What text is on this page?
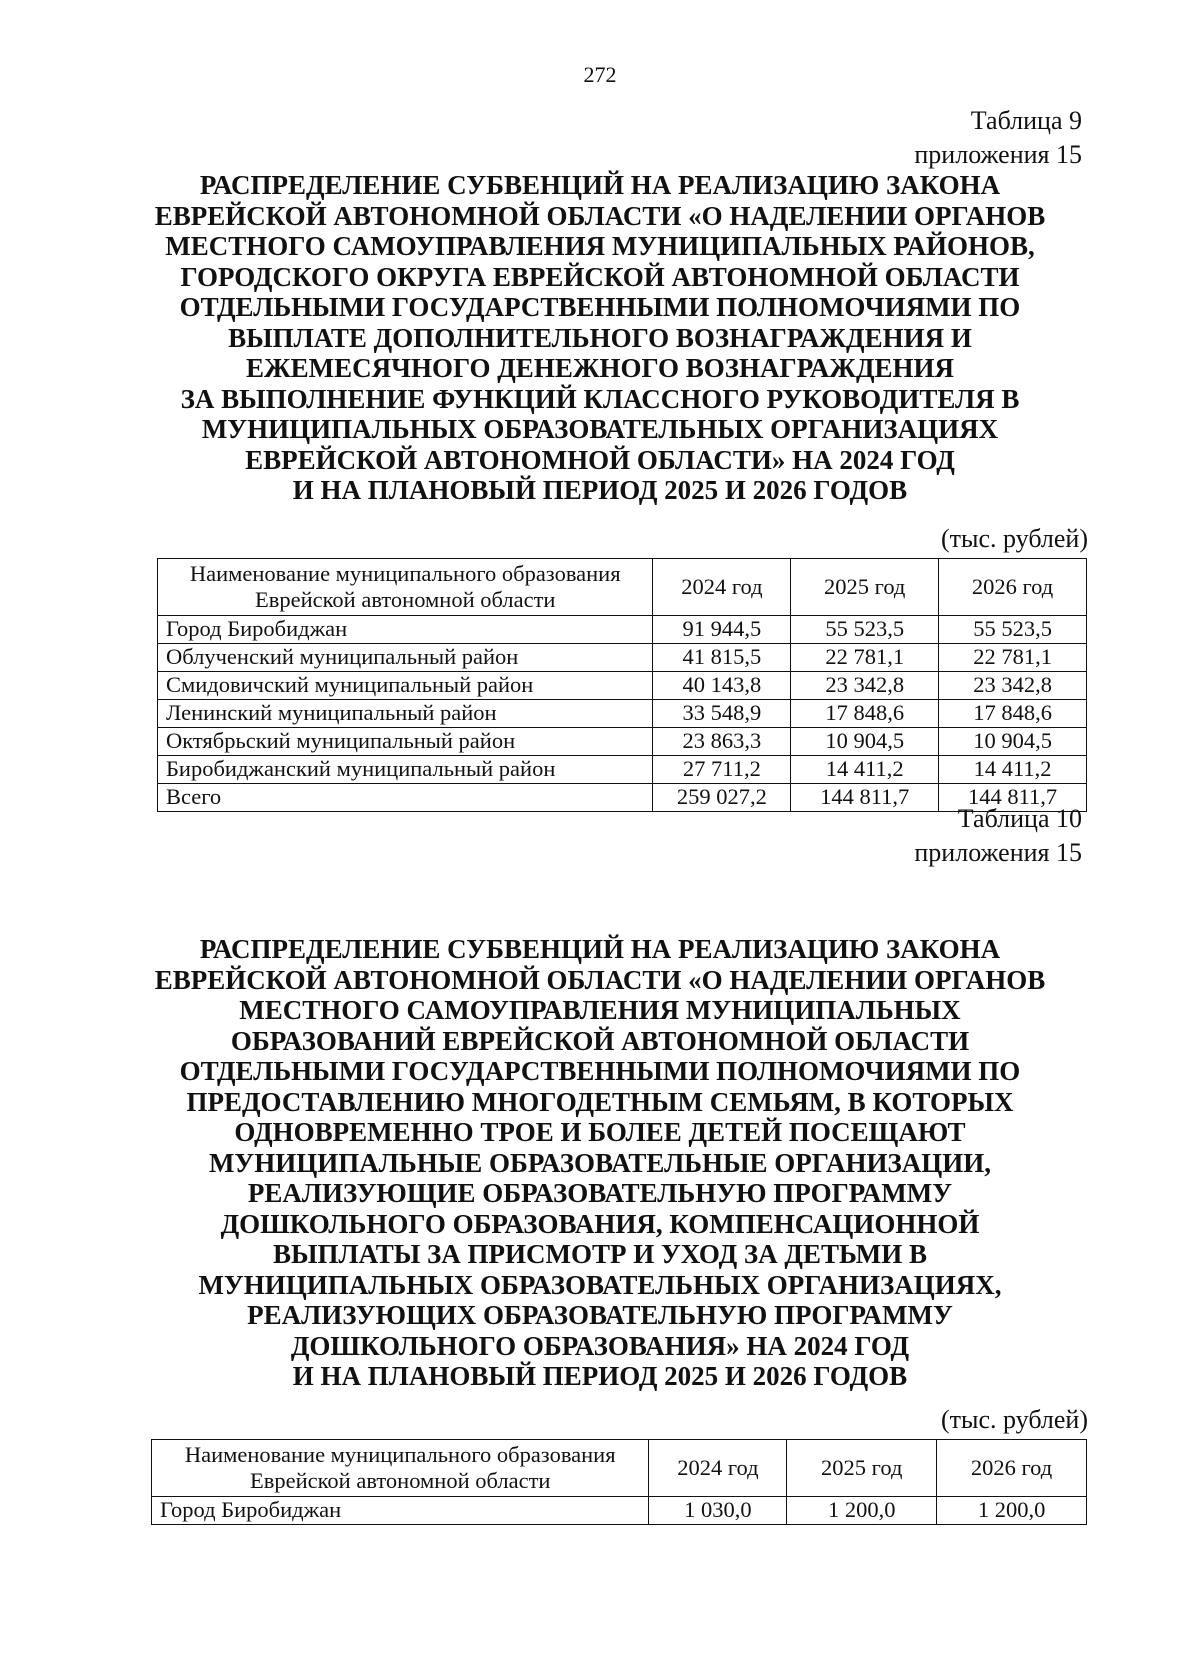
272
Таблица 9
приложения 15
РАСПРЕДЕЛЕНИЕ СУБВЕНЦИЙ НА РЕАЛИЗАЦИЮ ЗАКОНА
ЕВРЕЙСКОЙ АВТОНОМНОЙ ОБЛАСТИ «О НАДЕЛЕНИИ ОРГАНОВ
МЕСТНОГО САМОУПРАВЛЕНИЯ МУНИЦИПАЛЬНЫХ РАЙОНОВ,
ГОРОДСКОГО ОКРУГА ЕВРЕЙСКОЙ АВТОНОМНОЙ ОБЛАСТИ
ОТДЕЛЬНЫМИ ГОСУДАРСТВЕННЫМИ ПОЛНОМОЧИЯМИ ПО
ВЫПЛАТЕ ДОПОЛНИТЕЛЬНОГО ВОЗНАГРАЖДЕНИЯ И
ЕЖЕМЕСЯЧНОГО ДЕНЕЖНОГО ВОЗНАГРАЖДЕНИЯ
ЗА ВЫПОЛНЕНИЕ ФУНКЦИЙ КЛАССНОГО РУКОВОДИТЕЛЯ В
МУНИЦИПАЛЬНЫХ ОБРАЗОВАТЕЛЬНЫХ ОРГАНИЗАЦИЯХ
ЕВРЕЙСКОЙ АВТОНОМНОЙ ОБЛАСТИ» НА 2024 ГОД
И НА ПЛАНОВЫЙ ПЕРИОД 2025 И 2026 ГОДОВ
(тыс. рублей)
Наименование муниципального образования
Еврейской автономной области	2024 год	2025 год	2026 год
Город Биробиджан	91 944,5	55 523,5	55 523,5
Облученский муниципальный район	41 815,5	22 781,1	22 781,1
Смидовичский муниципальный район	40 143,8	23 342,8	23 342,8
Ленинский муниципальный район	33 548,9	17 848,6	17 848,6
Октябрьский муниципальный район	23 863,3	10 904,5	10 904,5
Биробиджанский муниципальный район	27 711,2	14 411,2	14 411,2
Всего	259 027,2	144 811,7	144 811,7
Таблица 10
приложения 15
РАСПРЕДЕЛЕНИЕ СУБВЕНЦИЙ НА РЕАЛИЗАЦИЮ ЗАКОНА
ЕВРЕЙСКОЙ АВТОНОМНОЙ ОБЛАСТИ «О НАДЕЛЕНИИ ОРГАНОВ
МЕСТНОГО САМОУПРАВЛЕНИЯ МУНИЦИПАЛЬНЫХ
ОБРАЗОВАНИЙ ЕВРЕЙСКОЙ АВТОНОМНОЙ ОБЛАСТИ
ОТДЕЛЬНЫМИ ГОСУДАРСТВЕННЫМИ ПОЛНОМОЧИЯМИ ПО
ПРЕДОСТАВЛЕНИЮ МНОГОДЕТНЫМ СЕМЬЯМ, В КОТОРЫХ
ОДНОВРЕМЕННО ТРОЕ И БОЛЕЕ ДЕТЕЙ ПОСЕЩАЮТ
МУНИЦИПАЛЬНЫЕ ОБРАЗОВАТЕЛЬНЫЕ ОРГАНИЗАЦИИ,
РЕАЛИЗУЮЩИЕ ОБРАЗОВАТЕЛЬНУЮ ПРОГРАММУ
ДОШКОЛЬНОГО ОБРАЗОВАНИЯ, КОМПЕНСАЦИОННОЙ
ВЫПЛАТЫ ЗА ПРИСМОТР И УХОД ЗА ДЕТЬМИ В
МУНИЦИПАЛЬНЫХ ОБРАЗОВАТЕЛЬНЫХ ОРГАНИЗАЦИЯХ,
РЕАЛИЗУЮЩИХ ОБРАЗОВАТЕЛЬНУЮ ПРОГРАММУ
ДОШКОЛЬНОГО ОБРАЗОВАНИЯ» НА 2024 ГОД
И НА ПЛАНОВЫЙ ПЕРИОД 2025 И 2026 ГОДОВ
(тыс. рублей)
Наименование муниципального образования
Еврейской автономной области	2024 год	2025 год	2026 год
Город Биробиджан	1 030,0	1 200,0	1 200,0
